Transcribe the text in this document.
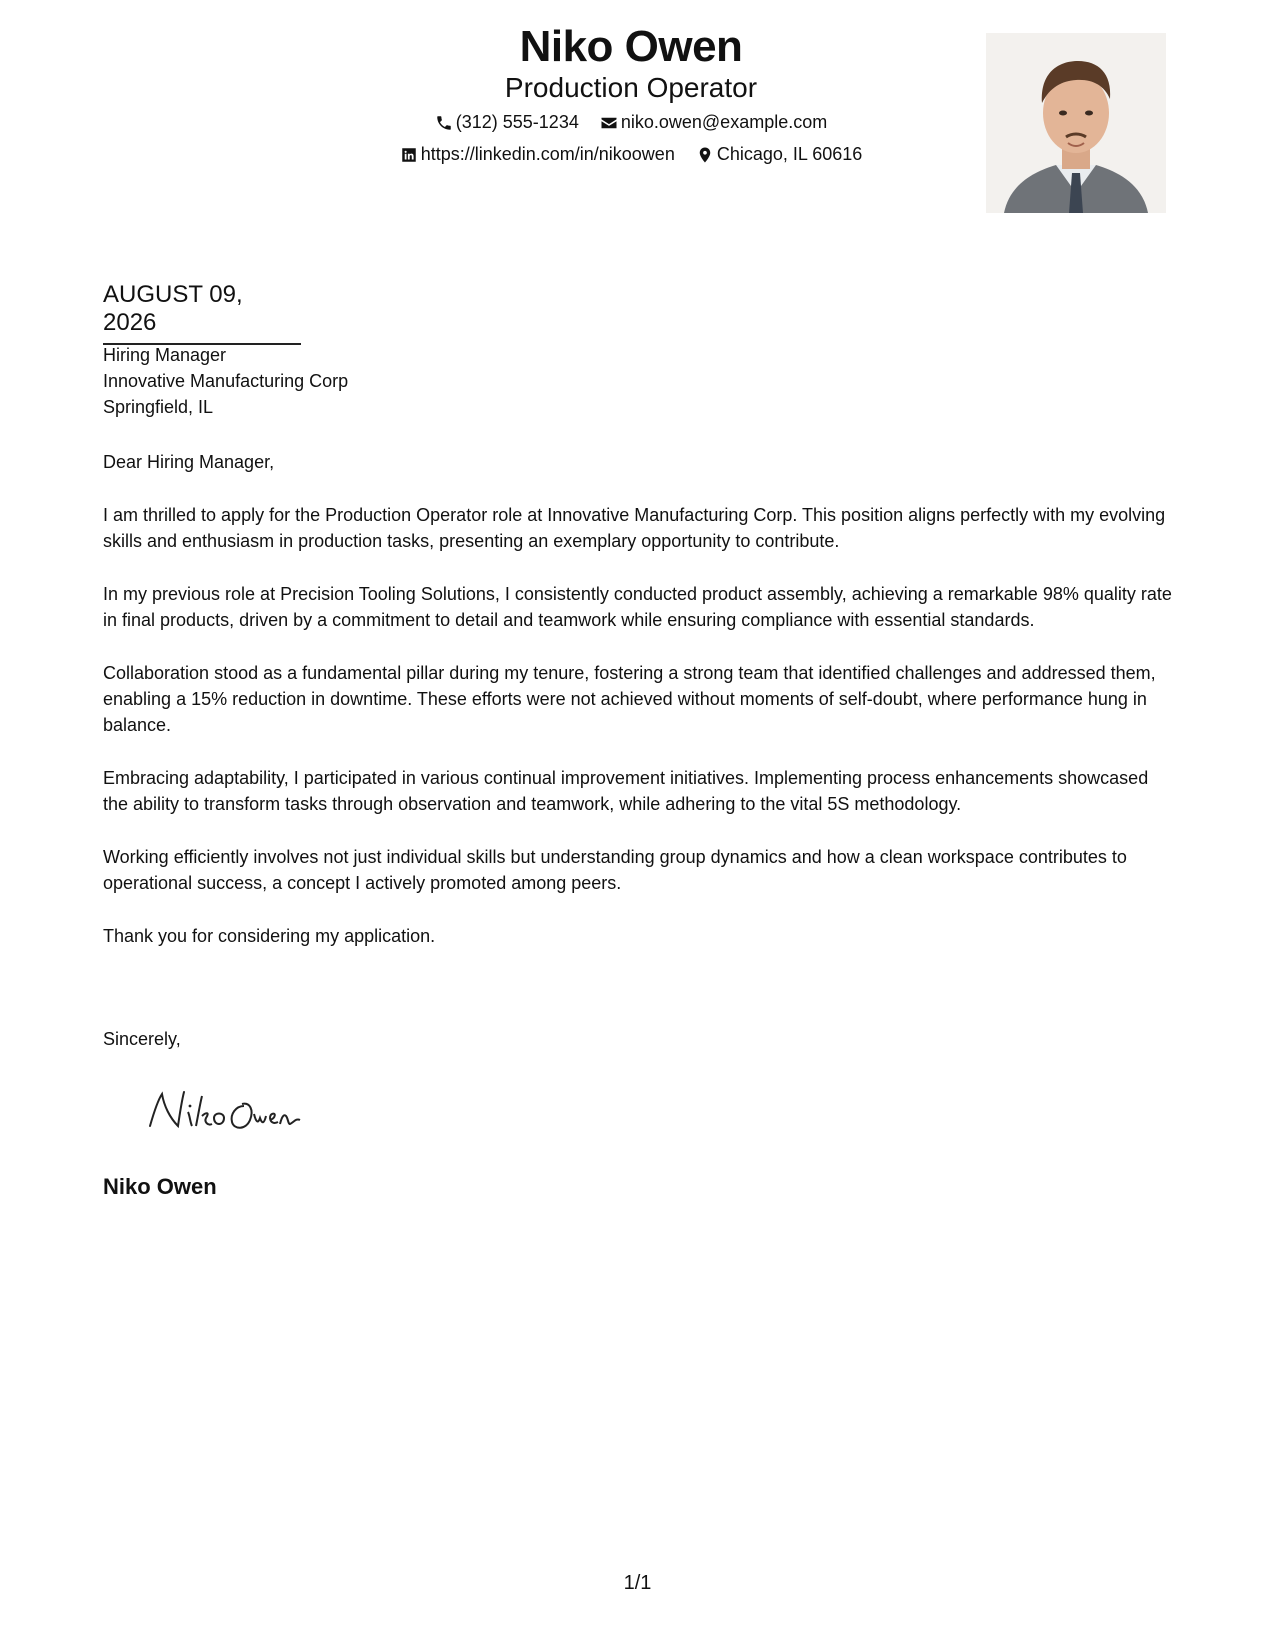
Niko Owen
Production Operator
(312) 555-1234
niko.owen@example.com
https://linkedin.com/in/nikoowen
Chicago, IL 60616
AUGUST 09, 2026
Hiring Manager
Innovative Manufacturing Corp
Springfield, IL

Dear Hiring Manager,

I am thrilled to apply for the Production Operator role at Innovative Manufacturing Corp. This position aligns perfectly with my evolving skills and enthusiasm in production tasks, presenting an exemplary opportunity to contribute.

In my previous role at Precision Tooling Solutions, I consistently conducted product assembly, achieving a remarkable 98% quality rate in final products, driven by a commitment to detail and teamwork while ensuring compliance with essential standards.

Collaboration stood as a fundamental pillar during my tenure, fostering a strong team that identified challenges and addressed them, enabling a 15% reduction in downtime. These efforts were not achieved without moments of self-doubt, where performance hung in balance.

Embracing adaptability, I participated in various continual improvement initiatives. Implementing process enhancements showcased the ability to transform tasks through observation and teamwork, while adhering to the vital 5S methodology.

Working efficiently involves not just individual skills but understanding group dynamics and how a clean workspace contributes to operational success, a concept I actively promoted among peers.

Thank you for considering my application.

Sincerely,
Niko Owen
1/1
